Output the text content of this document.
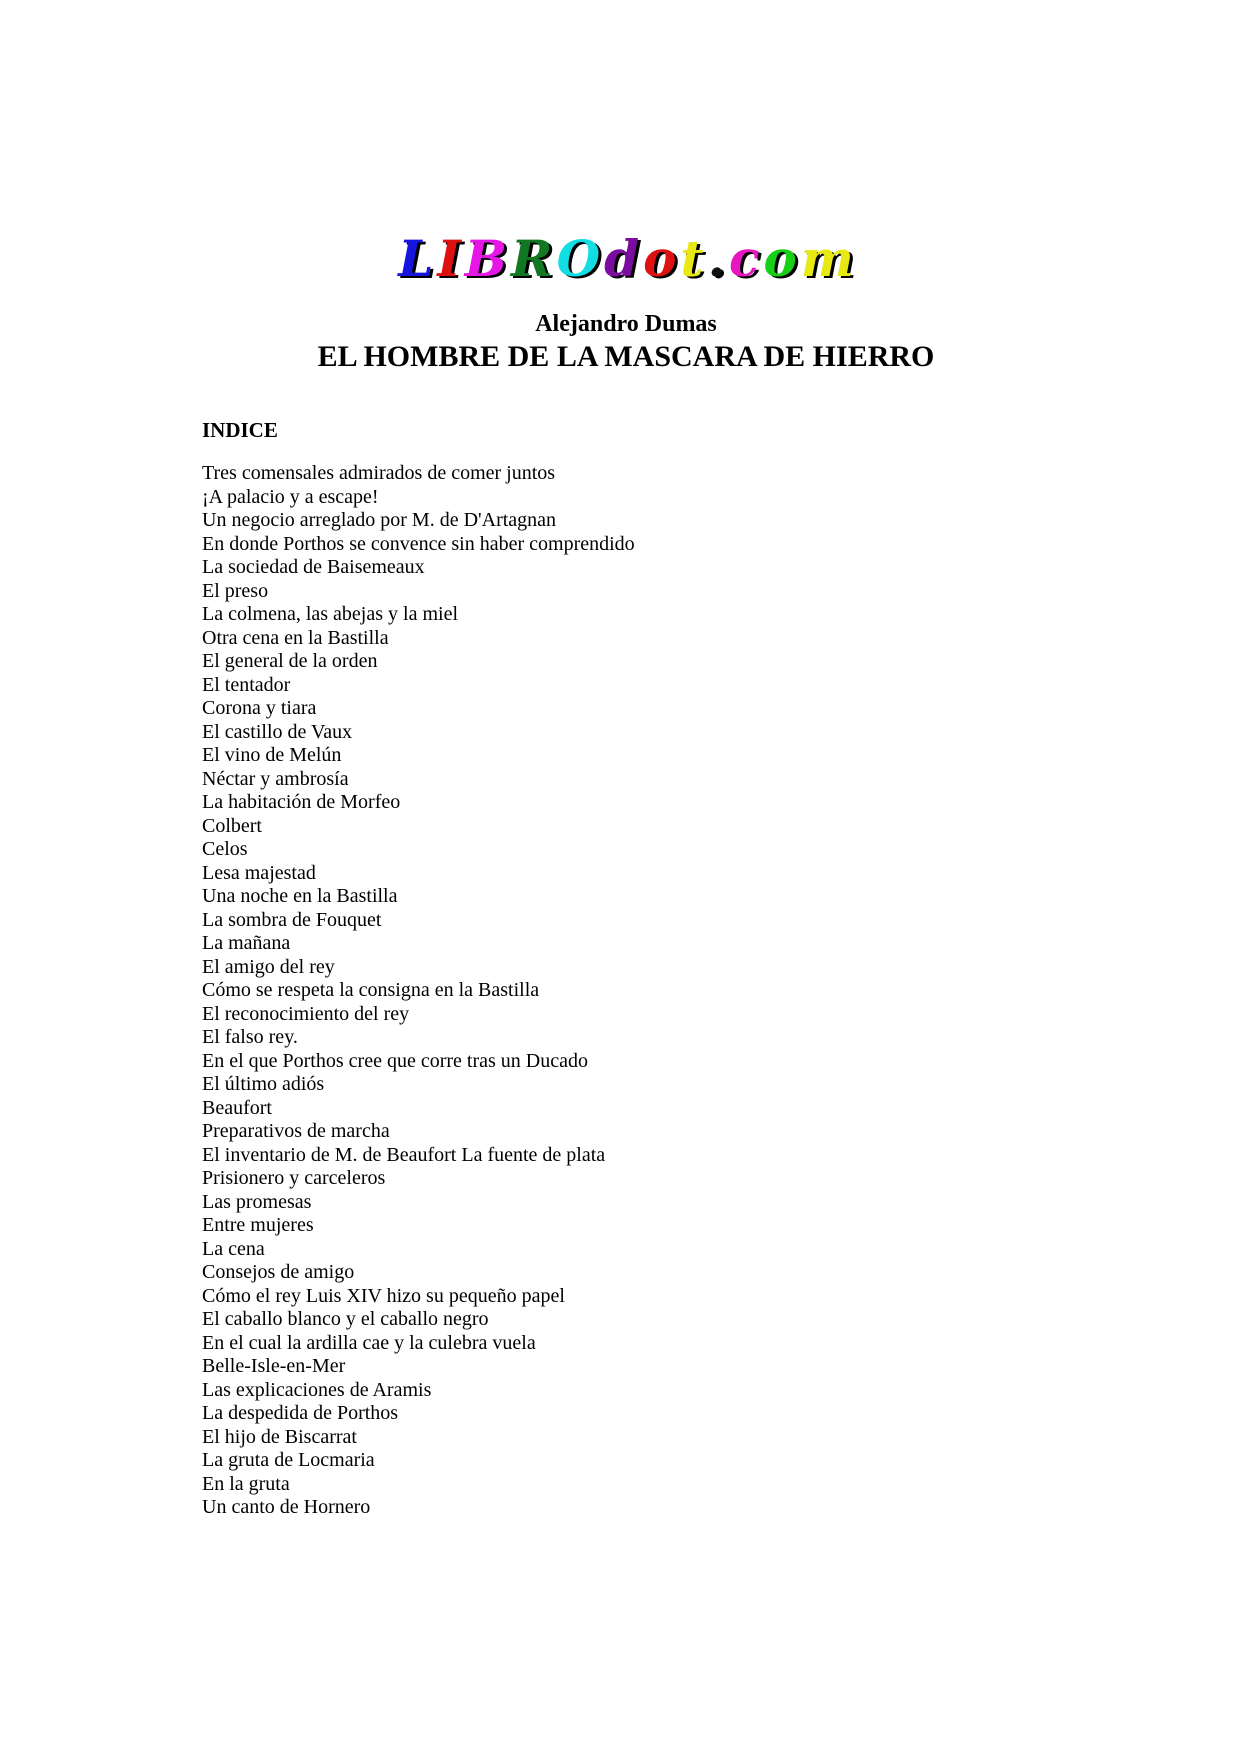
LIBROdot.com
Alejandro Dumas
EL HOMBRE DE LA MASCARA DE HIERRO
INDICE
Tres comensales admirados de comer juntos
¡A palacio y a escape!
Un negocio arreglado por M. de D'Artagnan
En donde Porthos se convence sin haber comprendido
La sociedad de Baisemeaux
El preso
La colmena, las abejas y la miel
Otra cena en la Bastilla
El general de la orden
El tentador
Corona y tiara
El castillo de Vaux
El vino de Melún
Néctar y ambrosía
La habitación de Morfeo
Colbert
Celos
Lesa majestad
Una noche en la Bastilla
La sombra de Fouquet
La mañana
El amigo del rey
Cómo se respeta la consigna en la Bastilla
El reconocimiento del rey
El falso rey.
En el que Porthos cree que corre tras un Ducado
El último adiós
Beaufort
Preparativos de marcha
El inventario de M. de Beaufort La fuente de plata
Prisionero y carceleros
Las promesas
Entre mujeres
La cena
Consejos de amigo
Cómo el rey Luis XIV hizo su pequeño papel
El caballo blanco y el caballo negro
En el cual la ardilla cae y la culebra vuela
Belle-Isle-en-Mer
Las explicaciones de Aramis
La despedida de Porthos
El hijo de Biscarrat
La gruta de Locmaria
En la gruta
Un canto de Hornero
